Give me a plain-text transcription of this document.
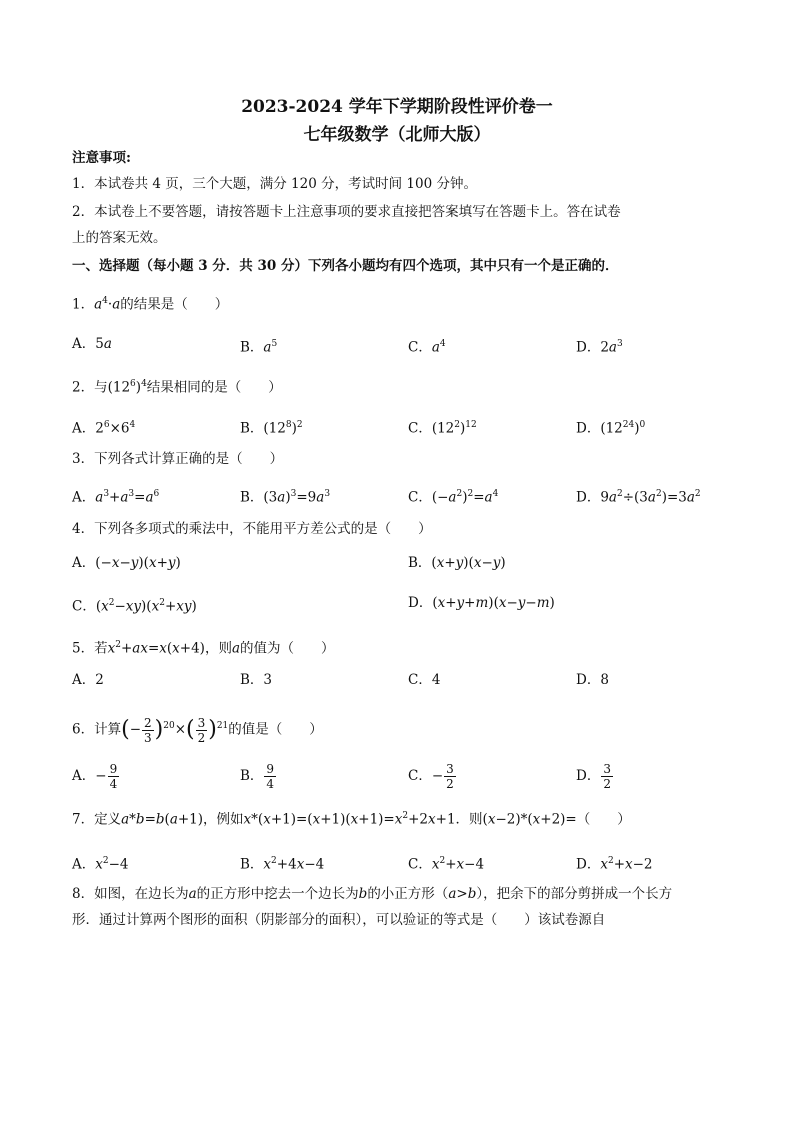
2023-2024 学年下学期阶段性评价卷一
七年级数学（北师大版）
注意事项:
1．本试卷共 4 页，三个大题，满分 120 分，考试时间 100 分钟。
2．本试卷上不要答题，请按答题卡上注意事项的要求直接把答案填写在答题卡上。答在试卷
上的答案无效。
一、选择题（每小题 3 分．共 30 分）下列各小题均有四个选项，其中只有一个是正确的．
1．$a^4\cdot a$的结果是（　　）
A．5a	B．$a^5$	C．$a^4$	D．$2a^3$
2．与$(12^6)^4$结果相同的是（　　）
A．$2^6\times 6^4$	B．$(12^8)^2$	C．$(12^2)^{12}$	D．$(12^{24})^0$
3．下列各式计算正确的是（　　）
A．$a^3+a^3=a^6$	B．$(3a)^3=9a^3$	C．$(-a^2)^2=a^4$	D．$9a^2\div(3a^2)=3a^2$
4．下列各多项式的乘法中，不能用平方差公式的是（　　）
A．(−x−y)(x+y)	B．(x+y)(x−y)
C．$(x^2-xy)(x^2+xy)$	D．(x+y+m)(x−y−m)
5．若$x^2+ax=x(x+4)$，则a的值为（　　）
A．2	B．3	C．4	D．8
6．计算(− $\frac{2}{3} )^{20}\times( \frac{3}{2} )^{21}$的值是（　　）
A．− $\frac{9}{4}$	B． $\frac{9}{4}$	C．− $\frac{3}{2}$	D． $\frac{3}{2}$
7．定义a*b=b(a+1)，例如$x*(x+1)=(x+1)(x+1)=x^2+2x+1$．则(x−2)*(x+2)=（　　）
A．$x^2-4$	B．$x^2+4x-4$	C．$x^2+x-4$	D．$x^2+x-2$
8．如图，在边长为a的正方形中挖去一个边长为b的小正方形（a>b），把余下的部分剪拼成一个长方
形．通过计算两个图形的面积（阴影部分的面积），可以验证的等式是（　　）该试卷源自
